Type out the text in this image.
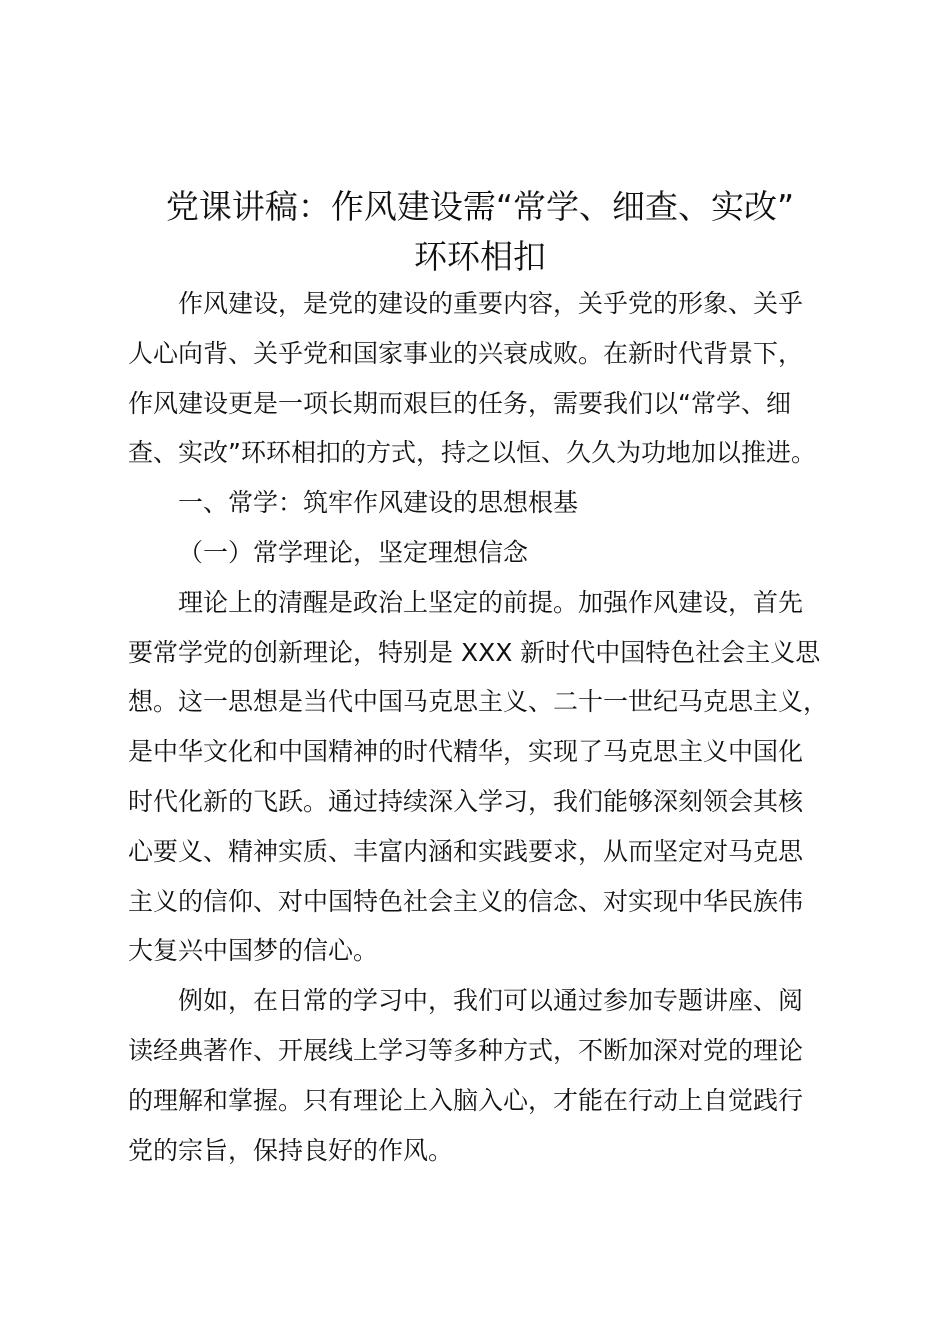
党课讲稿：作风建设需“常学、细查、实改”
环环相扣
作风建设，是党的建设的重要内容，关乎党的形象、关乎
人心向背、关乎党和国家事业的兴衰成败。在新时代背景下，
作风建设更是一项长期而艰巨的任务，需要我们以“常学、细
查、实改”环环相扣的方式，持之以恒、久久为功地加以推进。
一、常学：筑牢作风建设的思想根基
（一）常学理论，坚定理想信念
理论上的清醒是政治上坚定的前提。加强作风建设，首先
要常学党的创新理论，特别是 XXX 新时代中国特色社会主义思
想。这一思想是当代中国马克思主义、二十一世纪马克思主义，
是中华文化和中国精神的时代精华，实现了马克思主义中国化
时代化新的飞跃。通过持续深入学习，我们能够深刻领会其核
心要义、精神实质、丰富内涵和实践要求，从而坚定对马克思
主义的信仰、对中国特色社会主义的信念、对实现中华民族伟
大复兴中国梦的信心。
例如，在日常的学习中，我们可以通过参加专题讲座、阅
读经典著作、开展线上学习等多种方式，不断加深对党的理论
的理解和掌握。只有理论上入脑入心，才能在行动上自觉践行
党的宗旨，保持良好的作风。
